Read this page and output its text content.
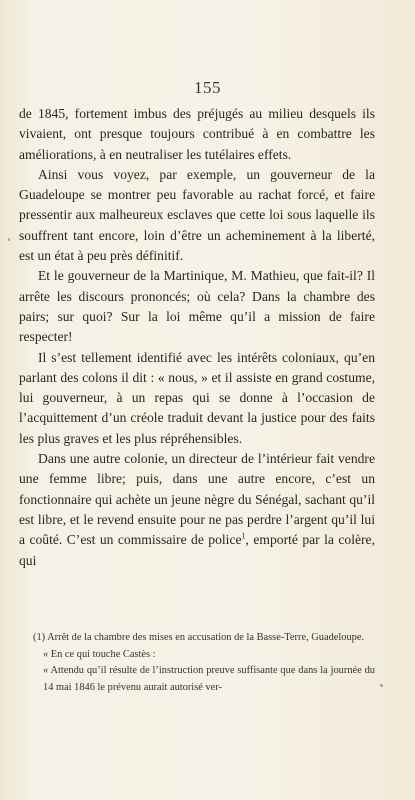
155

de 1845, fortement imbus des préjugés au milieu desquels ils vivaient, ont presque toujours contribué à en combattre les améliorations, à en neutraliser les tutélaires effets.

Ainsi vous voyez, par exemple, un gouverneur de la Guadeloupe se montrer peu favorable au rachat forcé, et faire pressentir aux malheureux esclaves que cette loi sous laquelle ils souffrent tant encore, loin d’être un acheminement à la liberté, est un état à peu près définitif.

Et le gouverneur de la Martinique, M. Mathieu, que fait-il? Il arrête les discours prononcés; où cela? Dans la chambre des pairs; sur quoi? Sur la loi même qu’il a mission de faire respecter!

Il s’est tellement identifié avec les intérêts coloniaux, qu’en parlant des colons il dit : « nous, » et il assiste en grand costume, lui gouverneur, à un repas qui se donne à l’occasion de l’acquittement d’un créole traduit devant la justice pour des faits les plus graves et les plus répréhensibles.

Dans une autre colonie, un directeur de l’intérieur fait vendre une femme libre; puis, dans une autre encore, c’est un fonctionnaire qui achète un jeune nègre du Sénégal, sachant qu’il est libre, et le revend ensuite pour ne pas perdre l’argent qu’il lui a coûté. C’est un commissaire de police$^1$, emporté par la colère, qui

(1) Arrêt de la chambre des mises en accusation de la Basse-Terre, Guadeloupe.

« En ce qui touche Castès :

« Attendu qu’il résulte de l’instruction preuve suffisante que dans la journée du 14 mai 1846 le prévenu aurait autorisé ver-
